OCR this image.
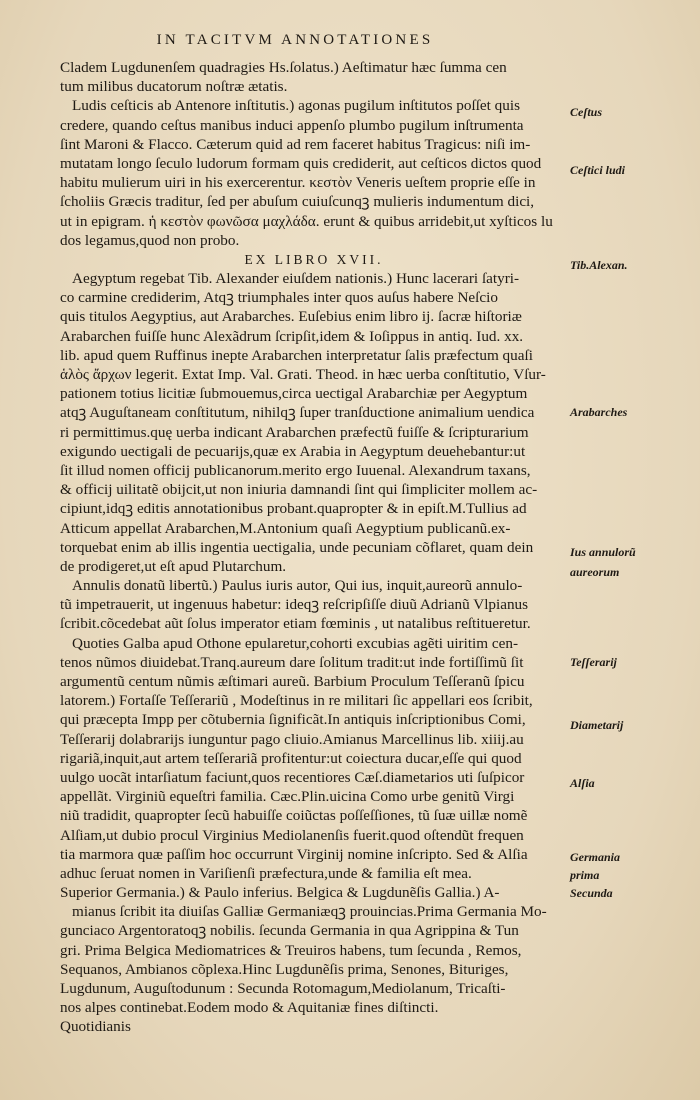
IN TACITVM ANNOTATIONES
Cladem Lugdunenſem quadragies Hs.ſolatus.) Aeſtimatur hæc ſumma cen
tum milibus ducatorum noſtræ ætatis.
Ludis ceſticis ab Antenore inſtitutis.) agonas pugilum inſtitutos poſſet quis
credere, quando ceſtus manibus induci appenſo plumbo pugilum inſtrumenta
ſint Maroni & Flacco. Cæterum quid ad rem faceret habitus Tragicus: niſi im-
mutatam longo ſeculo ludorum formam quis crediderit, aut ceſticos dictos quod
habitu mulierum uiri in his exercerentur. κεστὸν Veneris ueſtem proprie eſſe in
ſcholiis Græcis traditur, ſed per abuſum cuiuſcunqꝫ mulieris indumentum dici,
ut in epigram. ἡ κεστὸν φωνῶσα μαχλάδα. erunt & quibus arridebit,ut xyſticos lu
dos legamus,quod non probo.
EX LIBRO XVII.
Aegyptum regebat Tib. Alexander eiuſdem nationis.) Hunc lacerari ſatyri-
co carmine crediderim, Atqꝫ triumphales inter quos auſus habere Neſcio
quis titulos Aegyptius, aut Arabarches. Euſebius enim libro ij. ſacræ hiſtoriæ
Arabarchen fuiſſe hunc Alexãdrum ſcripſit,idem & Ioſippus in antiq. Iud. xx.
lib. apud quem Ruffinus inepte Arabarchen interpretatur ſalis præfectum quaſi
ἁλὸς ἄρχων legerit. Extat Imp. Val. Grati. Theod. in hæc uerba conſtitutio, Vſur-
pationem totius licitiæ ſubmouemus,circa uectigal Arabarchiæ per Aegyptum
atqꝫ Auguſtaneam conſtitutum, nihilqꝫ ſuper tranſductione animalium uendica
ri permittimus.quę uerba indicant Arabarchen præfectũ fuiſſe & ſcripturarium
exigundo uectigali de pecuarijs,quæ ex Arabia in Aegyptum deuehebantur:ut
ſit illud nomen officij publicanorum.merito ergo Iuuenal. Alexandrum taxans,
& officij uilitatẽ obijcit,ut non iniuria damnandi ſint qui ſimpliciter mollem ac-
cipiunt,idqꝫ editis annotationibus probant.quapropter & in epiſt.M.Tullius ad
Atticum appellat Arabarchen,M.Antonium quaſi Aegyptium publicanũ.ex-
torquebat enim ab illis ingentia uectigalia, unde pecuniam cõflaret, quam dein
de prodigeret,ut eſt apud Plutarchum.
Annulis donatũ libertũ.) Paulus iuris autor, Qui ius, inquit,aureorũ annulo-
tũ impetrauerit, ut ingenuus habetur: ideqꝫ reſcripſiſſe diuũ Adrianũ Vlpianus
ſcribit.cõcedebat aũt ſolus imperator etiam fœminis , ut natalibus reſtitueretur.
Quoties Galba apud Othone epularetur,cohorti excubias agẽti uiritim cen-
tenos nũmos diuidebat.Tranq.aureum dare ſolitum tradit:ut inde fortiſſimũ ſit
argumentũ centum nũmis æſtimari aureũ. Barbium Proculum Teſſeranũ ſpicu
latorem.) Fortaſſe Teſſerariũ , Modeſtinus in re militari ſic appellari eos ſcribit,
qui præcepta Impp per cõtubernia ſignificãt.In antiquis inſcriptionibus Comi,
Teſſerarij dolabrarijs iunguntur pago cliuio.Amianus Marcellinus lib. xiiij.au
rigariã,inquit,aut artem teſſerariã profitentur:ut coiectura ducar,eſſe qui quod
uulgo uocãt intarſiatum faciunt,quos recentiores Cæſ.diametarios uti ſuſpicor
appellãt. Virginiũ equeſtri familia. Cæc.Plin.uicina Como urbe genitũ Virgi
niũ tradidit, quapropter ſecũ habuiſſe coiũctas poſſeſſiones, tũ ſuæ uillæ nomẽ
Alſiam,ut dubio procul Virginius Mediolanenſis fuerit.quod oſtendũt frequen
tia marmora quæ paſſim hoc occurrunt Virginij nomine inſcripto. Sed & Alſia
adhuc ſeruat nomen in Variſienſi præfectura,unde & familia eſt mea.
Superior Germania.) & Paulo inferius. Belgica & Lugdunẽſis Gallia.) A-
mianus ſcribit ita diuiſas Galliæ Germaniæqꝫ prouincias.Prima Germania Mo-
gunciaco Argentoratoqꝫ nobilis. ſecunda Germania in qua Agrippina & Tun
gri. Prima Belgica Mediomatrices & Treuiros habens, tum ſecunda , Remos,
Sequanos, Ambianos cõplexa.Hinc Lugdunẽſis prima, Senones, Bituriges,
Lugdunum, Auguſtodunum : Secunda Rotomagum,Mediolanum, Tricaſti-
nos alpes continebat.Eodem modo & Aquitaniæ fines diſtincti.
Quotidianis
Ceſtus
Ceſtici ludi
Tib.Alexan.
Arabarches
Ius annulorũ
aureorum
Teſſerarij
Diametarij
Alſia
Germania
prima
Secunda
